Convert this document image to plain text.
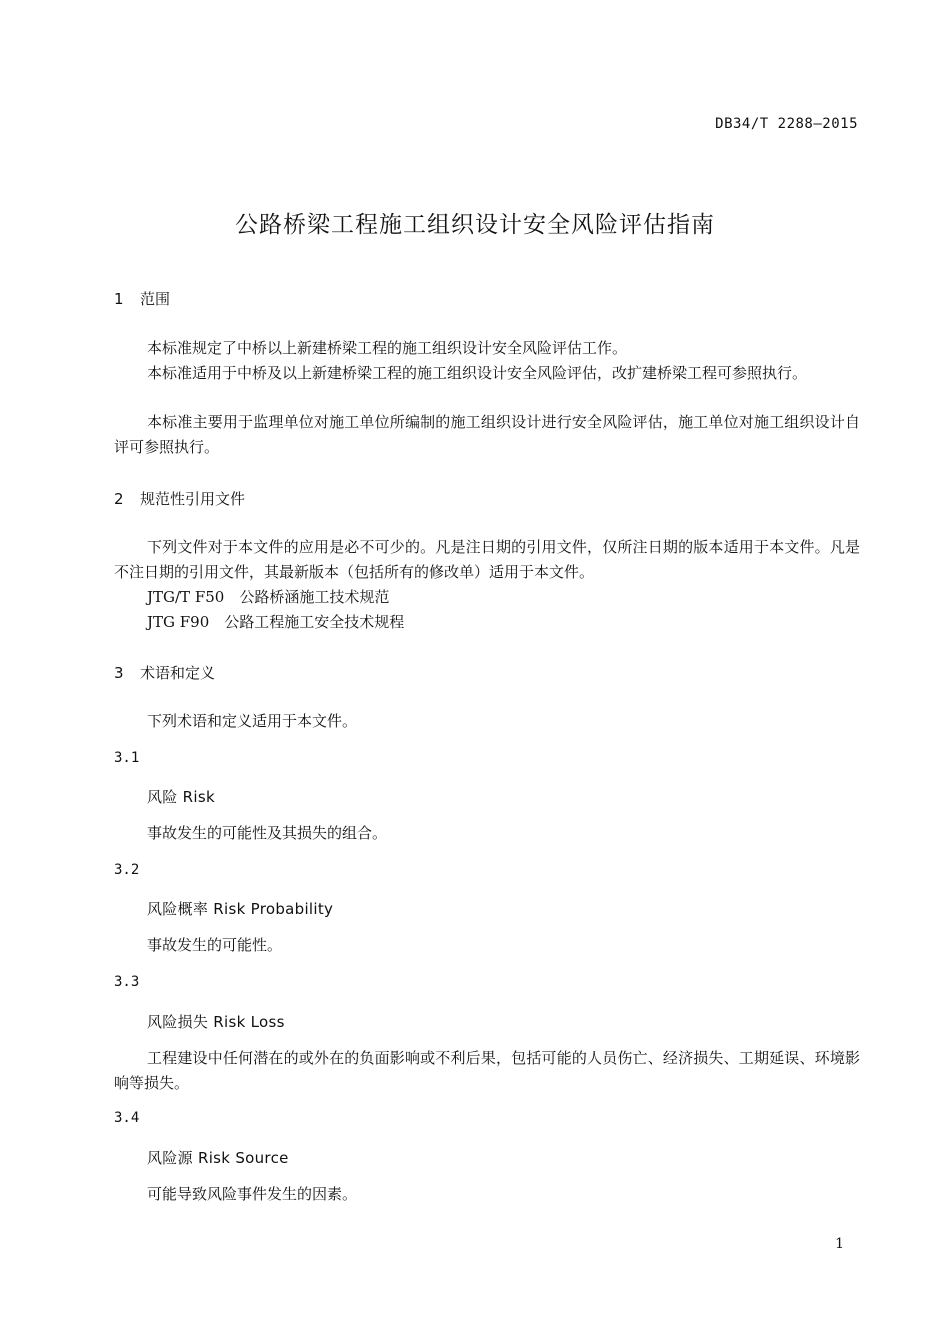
DB34/T 2288—2015
公路桥梁工程施工组织设计安全风险评估指南
1 范围
本标准规定了中桥以上新建桥梁工程的施工组织设计安全风险评估工作。
本标准适用于中桥及以上新建桥梁工程的施工组织设计安全风险评估，改扩建桥梁工程可参照执行。
本标准主要用于监理单位对施工单位所编制的施工组织设计进行安全风险评估，施工单位对施工组织设计自评可参照执行。
2 规范性引用文件
下列文件对于本文件的应用是必不可少的。凡是注日期的引用文件，仅所注日期的版本适用于本文件。凡是不注日期的引用文件，其最新版本（包括所有的修改单）适用于本文件。
JTG/T F50　公路桥涵施工技术规范
JTG F90　公路工程施工安全技术规程
3 术语和定义
下列术语和定义适用于本文件。
3.1
风险 Risk
事故发生的可能性及其损失的组合。
3.2
风险概率 Risk Probability
事故发生的可能性。
3.3
风险损失 Risk Loss
工程建设中任何潜在的或外在的负面影响或不利后果，包括可能的人员伤亡、经济损失、工期延误、环境影响等损失。
3.4
风险源 Risk Source
可能导致风险事件发生的因素。
1
